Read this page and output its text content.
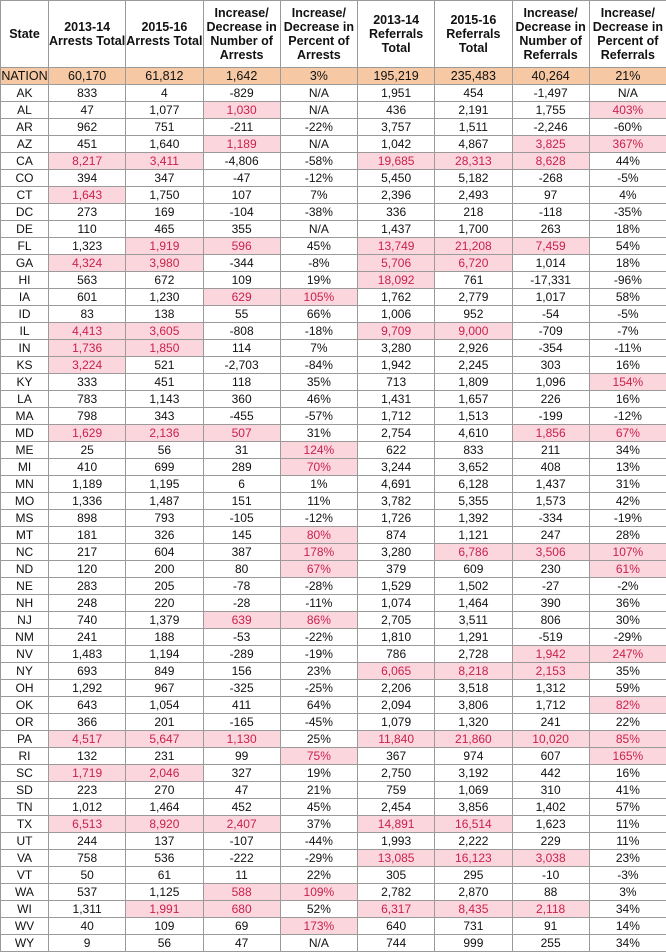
State	2013-14 Arrests Total	2015-16 Arrests Total	Increase/ Decrease in Number of Arrests	Increase/ Decrease in Percent of Arrests	2013-14 Referrals Total	2015-16 Referrals Total	Increase/ Decrease in Number of Referrals	Increase/ Decrease in Percent of Referrals
NATION	60,170	61,812	1,642	3%	195,219	235,483	40,264	21%
AK	833	4	-829	N/A	1,951	454	-1,497	N/A
AL	47	1,077	1,030	N/A	436	2,191	1,755	403%
AR	962	751	-211	-22%	3,757	1,511	-2,246	-60%
AZ	451	1,640	1,189	N/A	1,042	4,867	3,825	367%
CA	8,217	3,411	-4,806	-58%	19,685	28,313	8,628	44%
CO	394	347	-47	-12%	5,450	5,182	-268	-5%
CT	1,643	1,750	107	7%	2,396	2,493	97	4%
DC	273	169	-104	-38%	336	218	-118	-35%
DE	110	465	355	N/A	1,437	1,700	263	18%
FL	1,323	1,919	596	45%	13,749	21,208	7,459	54%
GA	4,324	3,980	-344	-8%	5,706	6,720	1,014	18%
HI	563	672	109	19%	18,092	761	-17,331	-96%
IA	601	1,230	629	105%	1,762	2,779	1,017	58%
ID	83	138	55	66%	1,006	952	-54	-5%
IL	4,413	3,605	-808	-18%	9,709	9,000	-709	-7%
IN	1,736	1,850	114	7%	3,280	2,926	-354	-11%
KS	3,224	521	-2,703	-84%	1,942	2,245	303	16%
KY	333	451	118	35%	713	1,809	1,096	154%
LA	783	1,143	360	46%	1,431	1,657	226	16%
MA	798	343	-455	-57%	1,712	1,513	-199	-12%
MD	1,629	2,136	507	31%	2,754	4,610	1,856	67%
ME	25	56	31	124%	622	833	211	34%
MI	410	699	289	70%	3,244	3,652	408	13%
MN	1,189	1,195	6	1%	4,691	6,128	1,437	31%
MO	1,336	1,487	151	11%	3,782	5,355	1,573	42%
MS	898	793	-105	-12%	1,726	1,392	-334	-19%
MT	181	326	145	80%	874	1,121	247	28%
NC	217	604	387	178%	3,280	6,786	3,506	107%
ND	120	200	80	67%	379	609	230	61%
NE	283	205	-78	-28%	1,529	1,502	-27	-2%
NH	248	220	-28	-11%	1,074	1,464	390	36%
NJ	740	1,379	639	86%	2,705	3,511	806	30%
NM	241	188	-53	-22%	1,810	1,291	-519	-29%
NV	1,483	1,194	-289	-19%	786	2,728	1,942	247%
NY	693	849	156	23%	6,065	8,218	2,153	35%
OH	1,292	967	-325	-25%	2,206	3,518	1,312	59%
OK	643	1,054	411	64%	2,094	3,806	1,712	82%
OR	366	201	-165	-45%	1,079	1,320	241	22%
PA	4,517	5,647	1,130	25%	11,840	21,860	10,020	85%
RI	132	231	99	75%	367	974	607	165%
SC	1,719	2,046	327	19%	2,750	3,192	442	16%
SD	223	270	47	21%	759	1,069	310	41%
TN	1,012	1,464	452	45%	2,454	3,856	1,402	57%
TX	6,513	8,920	2,407	37%	14,891	16,514	1,623	11%
UT	244	137	-107	-44%	1,993	2,222	229	11%
VA	758	536	-222	-29%	13,085	16,123	3,038	23%
VT	50	61	11	22%	305	295	-10	-3%
WA	537	1,125	588	109%	2,782	2,870	88	3%
WI	1,311	1,991	680	52%	6,317	8,435	2,118	34%
WV	40	109	69	173%	640	731	91	14%
WY	9	56	47	N/A	744	999	255	34%
